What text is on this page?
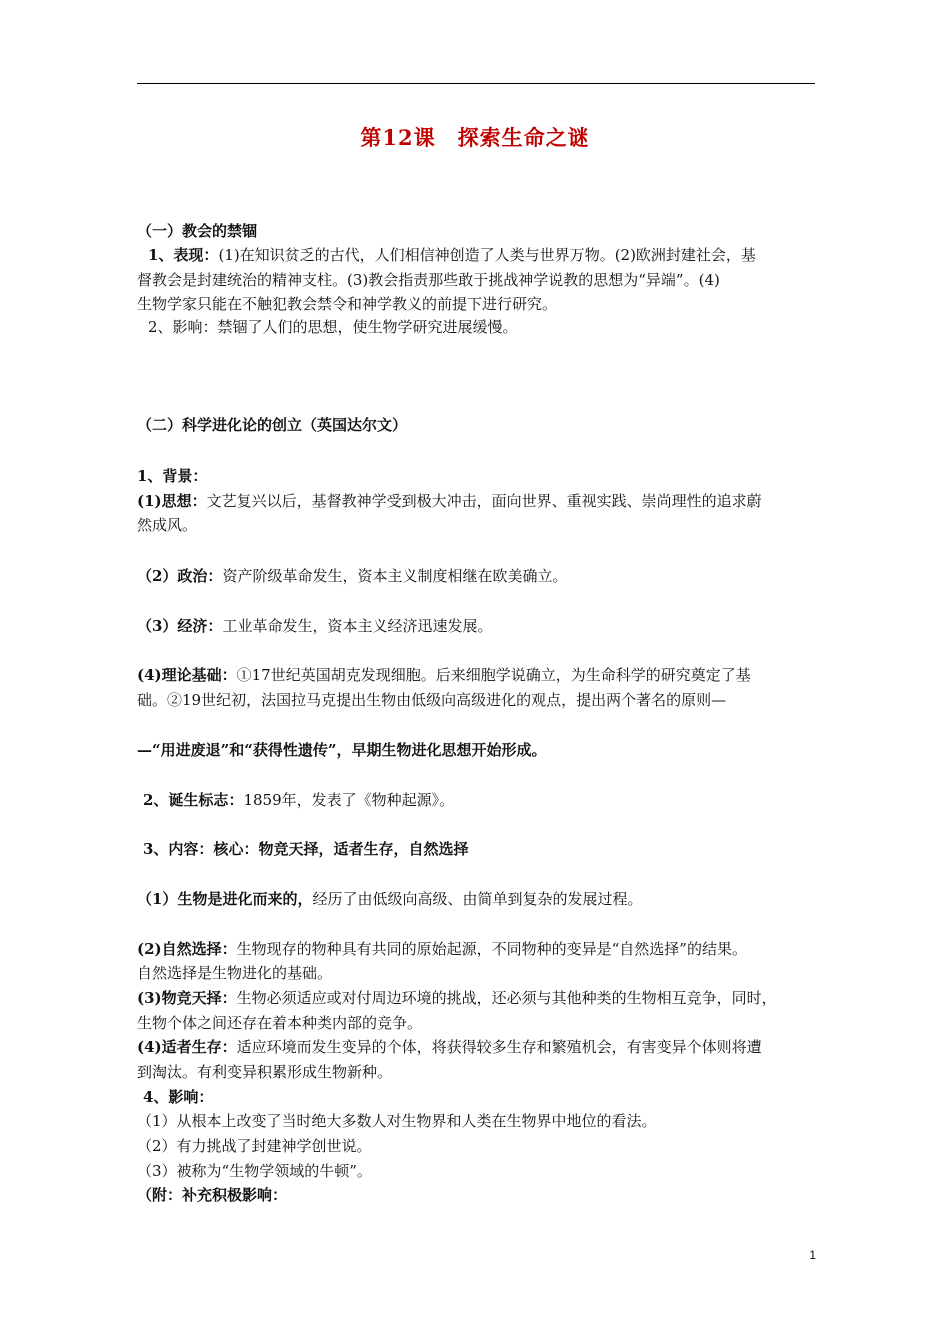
第12课　探索生命之谜
（一）教会的禁锢
1、表现：(1)在知识贫乏的古代，人们相信神创造了人类与世界万物。(2)欧洲封建社会，基
督教会是封建统治的精神支柱。(3)教会指责那些敢于挑战神学说教的思想为“异端”。(4)
生物学家只能在不触犯教会禁令和神学教义的前提下进行研究。
2、影响：禁锢了人们的思想，使生物学研究进展缓慢。
（二）科学进化论的创立（英国达尔文）
1、背景：
(1)思想：文艺复兴以后，基督教神学受到极大冲击，面向世界、重视实践、崇尚理性的追求蔚
然成风。
（2）政治：资产阶级革命发生，资本主义制度相继在欧美确立。
（3）经济：工业革命发生，资本主义经济迅速发展。
(4)理论基础：①17世纪英国胡克发现细胞。后来细胞学说确立，为生命科学的研究奠定了基
础。②19世纪初，法国拉马克提出生物由低级向高级进化的观点，提出两个著名的原则—
—“用进废退”和“获得性遗传”，早期生物进化思想开始形成。
2、诞生标志：1859年，发表了《物种起源》。
3、内容：核心：物竞天择，适者生存，自然选择
（1）生物是进化而来的，经历了由低级向高级、由简单到复杂的发展过程。
(2)自然选择：生物现存的物种具有共同的原始起源，不同物种的变异是“自然选择”的结果。
自然选择是生物进化的基础。
(3)物竞天择：生物必须适应或对付周边环境的挑战，还必须与其他种类的生物相互竞争，同时，
生物个体之间还存在着本种类内部的竞争。
(4)适者生存：适应环境而发生变异的个体，将获得较多生存和繁殖机会，有害变异个体则将遭
到淘汰。有利变异积累形成生物新种。
4、影响：
（1）从根本上改变了当时绝大多数人对生物界和人类在生物界中地位的看法。
（2）有力挑战了封建神学创世说。
（3）被称为“生物学领域的牛顿”。
（附：补充积极影响：
1
